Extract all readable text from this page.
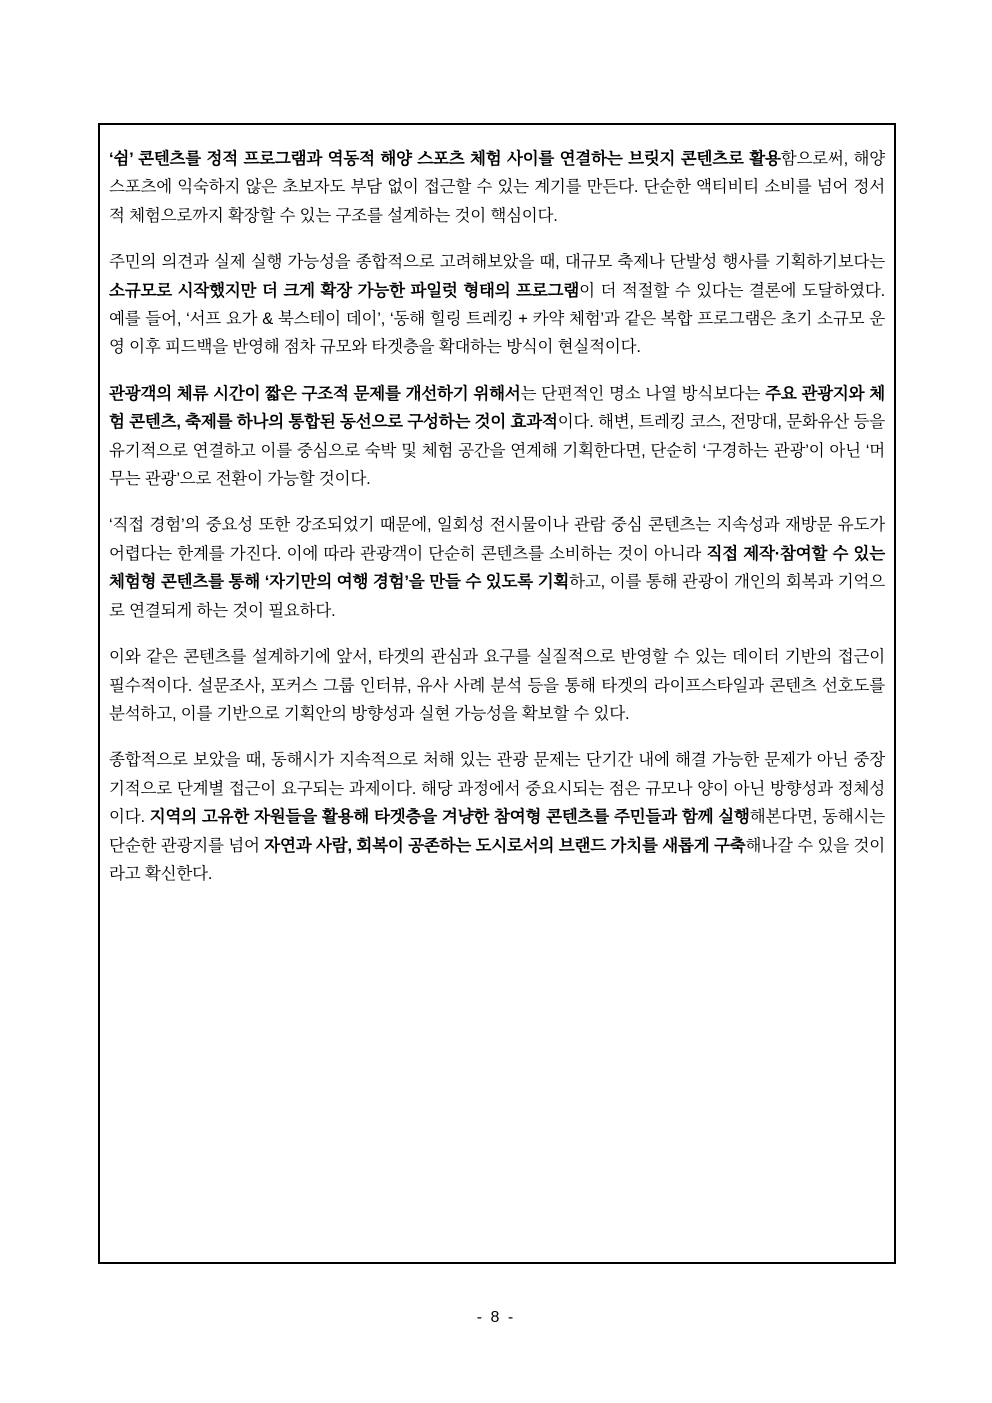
‘쉼’ 콘텐츠를 정적 프로그램과 역동적 해양 스포츠 체험 사이를 연결하는 브릿지 콘텐츠로 활용함으로써, 해양 스포츠에 익숙하지 않은 초보자도 부담 없이 접근할 수 있는 계기를 만든다. 단순한 액티비티 소비를 넘어 정서적 체험으로까지 확장할 수 있는 구조를 설계하는 것이 핵심이다.

주민의 의견과 실제 실행 가능성을 종합적으로 고려해보았을 때, 대규모 축제나 단발성 행사를 기획하기보다는 소규모로 시작했지만 더 크게 확장 가능한 파일럿 형태의 프로그램이 더 적절할 수 있다는 결론에 도달하였다. 예를 들어, ‘서프 요가 & 북스테이 데이’, ‘동해 힐링 트레킹 + 카약 체험’과 같은 복합 프로그램은 초기 소규모 운영 이후 피드백을 반영해 점차 규모와 타겟층을 확대하는 방식이 현실적이다.

관광객의 체류 시간이 짧은 구조적 문제를 개선하기 위해서는 단편적인 명소 나열 방식보다는 주요 관광지와 체험 콘텐츠, 축제를 하나의 통합된 동선으로 구성하는 것이 효과적이다. 해변, 트레킹 코스, 전망대, 문화유산 등을 유기적으로 연결하고 이를 중심으로 숙박 및 체험 공간을 연계해 기획한다면, 단순히 ‘구경하는 관광’이 아닌 ‘머무는 관광’으로 전환이 가능할 것이다.

‘직접 경험’의 중요성 또한 강조되었기 때문에, 일회성 전시물이나 관람 중심 콘텐츠는 지속성과 재방문 유도가 어렵다는 한계를 가진다. 이에 따라 관광객이 단순히 콘텐츠를 소비하는 것이 아니라 직접 제작·참여할 수 있는 체험형 콘텐츠를 통해 ‘자기만의 여행 경험’을 만들 수 있도록 기획하고, 이를 통해 관광이 개인의 회복과 기억으로 연결되게 하는 것이 필요하다.

이와 같은 콘텐츠를 설계하기에 앞서, 타겟의 관심과 요구를 실질적으로 반영할 수 있는 데이터 기반의 접근이 필수적이다. 설문조사, 포커스 그룹 인터뷰, 유사 사례 분석 등을 통해 타겟의 라이프스타일과 콘텐츠 선호도를 분석하고, 이를 기반으로 기획안의 방향성과 실현 가능성을 확보할 수 있다.

종합적으로 보았을 때, 동해시가 지속적으로 처해 있는 관광 문제는 단기간 내에 해결 가능한 문제가 아닌 중장기적으로 단계별 접근이 요구되는 과제이다. 해당 과정에서 중요시되는 점은 규모나 양이 아닌 방향성과 정체성이다. 지역의 고유한 자원들을 활용해 타겟층을 겨냥한 참여형 콘텐츠를 주민들과 함께 실행해본다면, 동해시는 단순한 관광지를 넘어 자연과 사람, 회복이 공존하는 도시로서의 브랜드 가치를 새롭게 구축해나갈 수 있을 것이라고 확신한다.

- 8 -
